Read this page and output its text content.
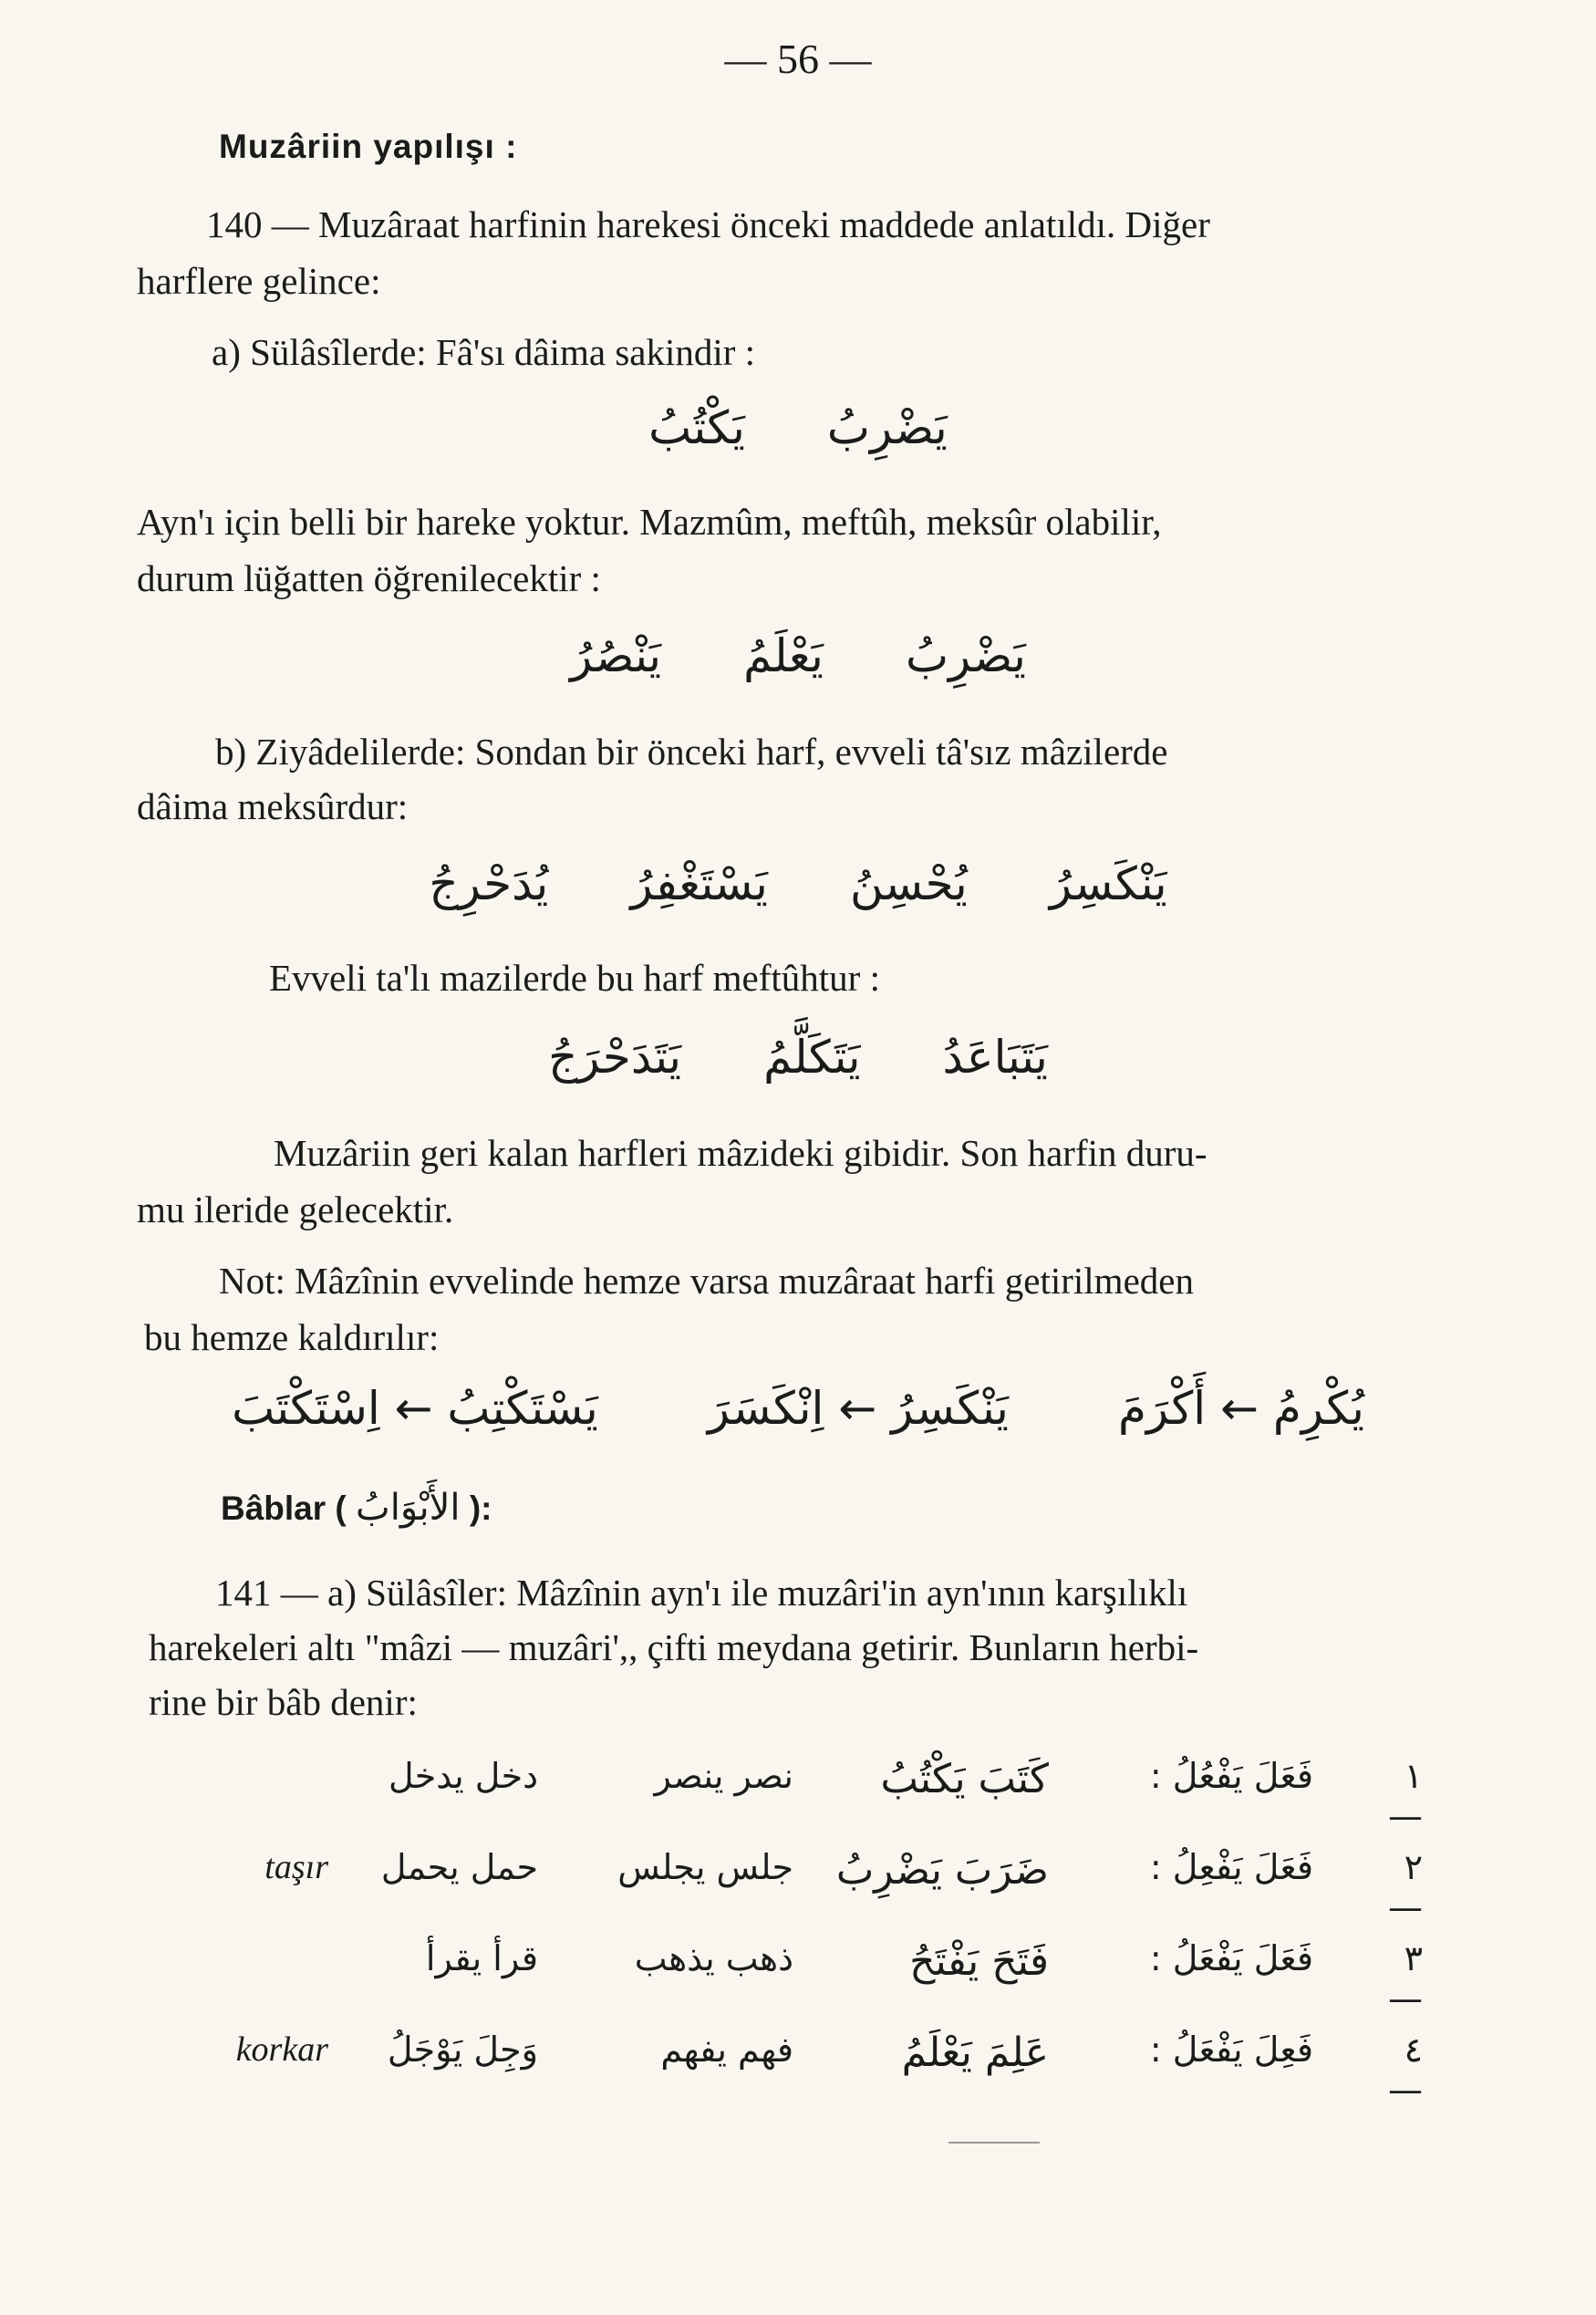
— 56 —
Muzâriin yapılışı :
140 — Muzâraat harfinin harekesi önceki maddede anlatıldı. Diğer
harflere gelince:
a) Sülâsîlerde: Fâ'sı dâima sakindir :
يَضْرِبُ
يَكْتُبُ
Ayn'ı için belli bir hareke yoktur. Mazmûm, meftûh, meksûr olabilir,
durum lüğatten öğrenilecektir :
يَضْرِبُ
يَعْلَمُ
يَنْصُرُ
b) Ziyâdelilerde: Sondan bir önceki harf, evveli tâ'sız mâzilerde
dâima meksûrdur:
يَنْكَسِرُ
يُحْسِنُ
يَسْتَغْفِرُ
يُدَحْرِجُ
Evveli ta'lı mazilerde bu harf meftûhtur :
يَتَبَاعَدُ
يَتَكَلَّمُ
يَتَدَحْرَجُ
Muzâriin geri kalan harfleri mâzideki gibidir. Son harfin duru-
mu ileride gelecektir.
Not: Mâzînin evvelinde hemze varsa muzâraat harfi getirilmeden
bu hemze kaldırılır:
يُكْرِمُ ← أَكْرَمَ
يَنْكَسِرُ ← اِنْكَسَرَ
يَسْتَكْتِبُ ← اِسْتَكْتَبَ
Bâblar ( الأَبْوَابُ ):
141 — a) Sülâsîler: Mâzînin ayn'ı ile muzâri'in ayn'ının karşılıklı
harekeleri altı "mâzi — muzâri',, çifti meydana getirir. Bunların herbi-
rine bir bâb denir:
١ —
فَعَلَ يَفْعُلُ :
كَتَبَ يَكْتُبُ
نصر ينصر
دخل يدخل
٢ —
فَعَلَ يَفْعِلُ :
ضَرَبَ يَضْرِبُ
جلس يجلس
حمل يحمل
taşır
٣ —
فَعَلَ يَفْعَلُ :
فَتَحَ يَفْتَحُ
ذهب يذهب
قرأ يقرأ
٤ —
فَعِلَ يَفْعَلُ :
عَلِمَ يَعْلَمُ
فهم يفهم
وَجِلَ يَوْجَلُ
korkar
